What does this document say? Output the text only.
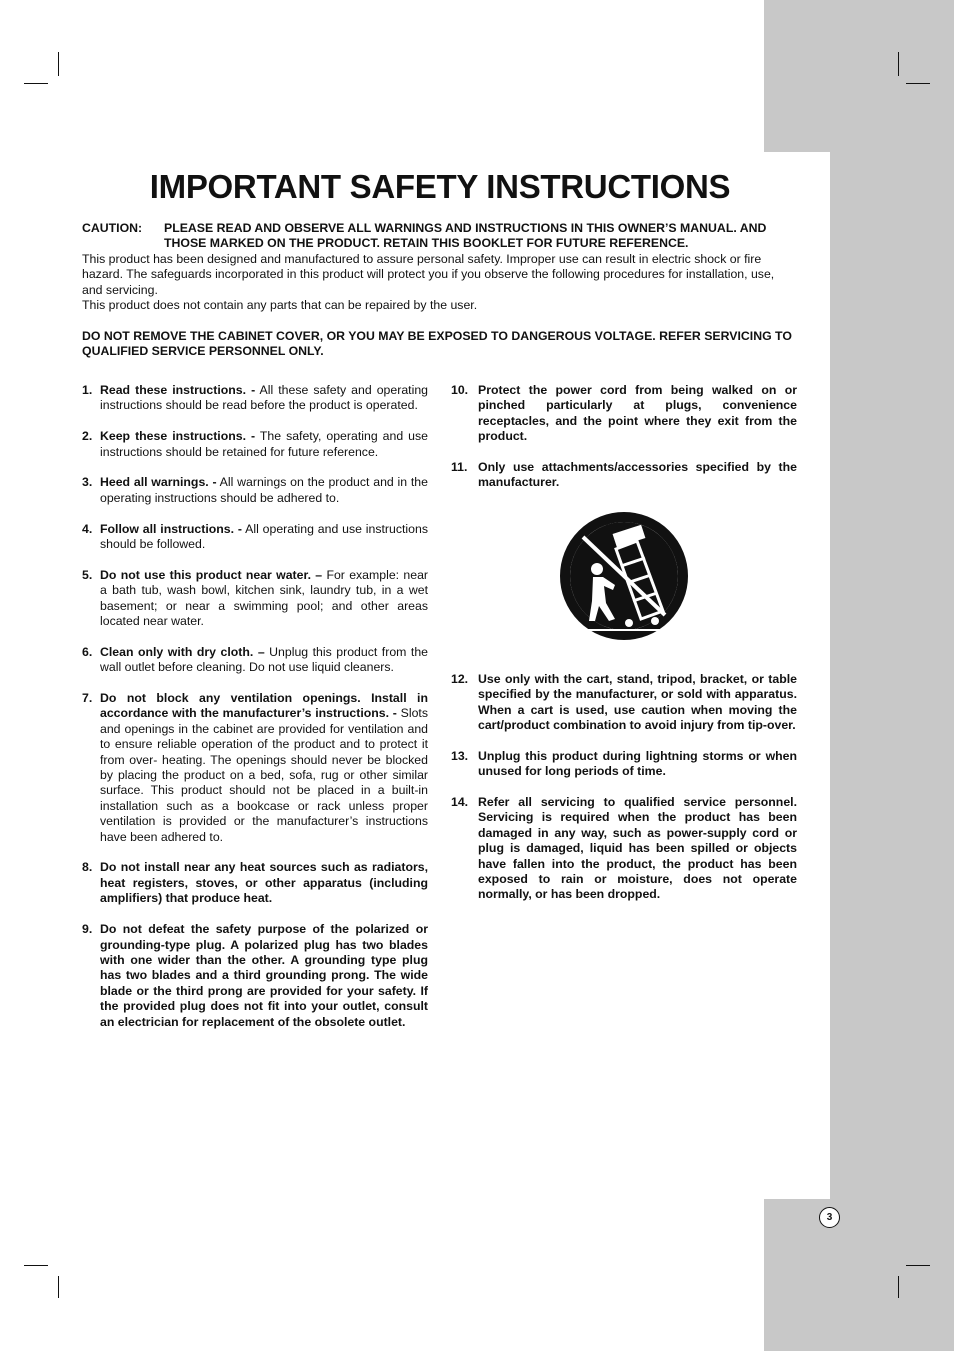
3
IMPORTANT SAFETY INSTRUCTIONS
CAUTION:	PLEASE READ AND OBSERVE ALL WARNINGS AND INSTRUCTIONS IN THIS OWNER’S MANUAL. AND THOSE MARKED ON THE PRODUCT. RETAIN THIS BOOKLET FOR FUTURE REFERENCE.

This product has been designed and manufactured to assure personal safety. Improper use can result in electric shock or fire hazard. The safeguards incorporated in this product will protect you if you observe the following procedures for installation, use, and servicing.

This product does not contain any parts that can be repaired by the user.

DO NOT REMOVE THE CABINET COVER, OR YOU MAY BE EXPOSED TO DANGEROUS VOLTAGE. REFER SERVICING TO QUALIFIED SERVICE PERSONNEL ONLY.
1. Read these instructions. - All these safety and operating instructions should be read before the product is operated.
2. Keep these instructions. - The safety, operating and use instructions should be retained for future reference.
3. Heed all warnings. - All warnings on the product and in the operating instructions should be adhered to.
4. Follow all instructions. - All operating and use instructions should be followed.
5. Do not use this product near water. – For example: near a bath tub, wash bowl, kitchen sink, laundry tub, in a wet basement; or near a swimming pool; and other areas located near water.
6. Clean only with dry cloth. – Unplug this product from the wall outlet before cleaning. Do not use liquid cleaners.
7. Do not block any ventilation openings. Install in accordance with the manufacturer’s instructions. - Slots and openings in the cabinet are provided for ventilation and to ensure reliable operation of the product and to protect it from over- heating. The openings should never be blocked by placing the product on a bed, sofa, rug or other similar surface. This product should not be placed in a built-in installation such as a bookcase or rack unless proper ventilation is provided or the manufacturer’s instructions have been adhered to.
8. Do not install near any heat sources such as radiators, heat registers, stoves, or other apparatus (including amplifiers) that produce heat.
9. Do not defeat the safety purpose of the polarized or grounding-type plug. A polarized plug has two blades with one wider than the other. A grounding type plug has two blades and a third grounding prong. The wide blade or the third prong are provided for your safety. If the provided plug does not fit into your outlet, consult an electrician for replacement of the obsolete outlet.
10. Protect the power cord from being walked on or pinched particularly at plugs, convenience receptacles, and the point where they exit from the product.
11. Only use attachments/accessories specified by the manufacturer.
12. Use only with the cart, stand, tripod, bracket, or table specified by the manufacturer, or sold with apparatus. When a cart is used, use caution when moving the cart/product combination to avoid injury from tip-over.
13. Unplug this product during lightning storms or when unused for long periods of time.
14. Refer all servicing to qualified service personnel. Servicing is required when the product has been damaged in any way, such as power-supply cord or plug is damaged, liquid has been spilled or objects have fallen into the product, the product has been exposed to rain or moisture, does not operate normally, or has been dropped.
